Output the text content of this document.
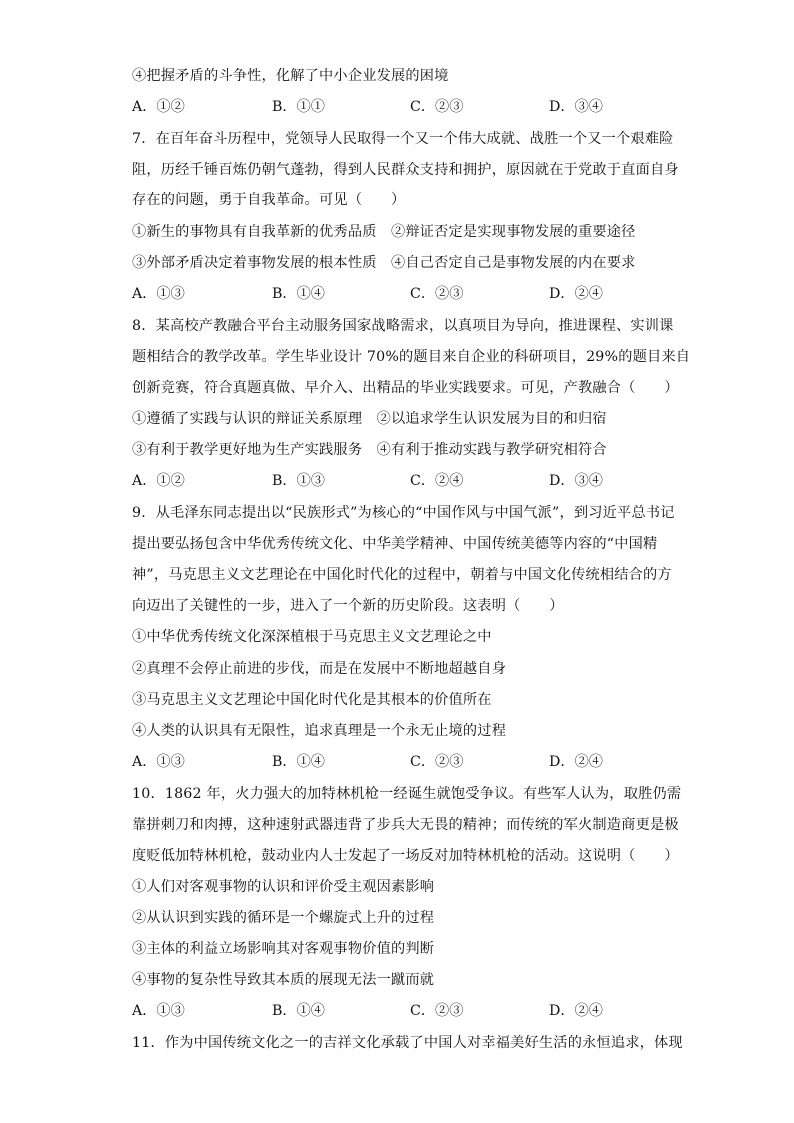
④把握矛盾的斗争性，化解了中小企业发展的困境
A．①②	B．①①	C．②③	D．③④
7．在百年奋斗历程中，党领导人民取得一个又一个伟大成就、战胜一个又一个艰难险
阻，历经千锤百炼仍朝气蓬勃，得到人民群众支持和拥护，原因就在于党敢于直面自身
存在的问题，勇于自我革命。可见（　　）
①新生的事物具有自我革新的优秀品质　②辩证否定是实现事物发展的重要途径
③外部矛盾决定着事物发展的根本性质　④自己否定自己是事物发展的内在要求
A．①③	B．①④	C．②③	D．②④
8．某高校产教融合平台主动服务国家战略需求，以真项目为导向，推进课程、实训课
题相结合的教学改革。学生毕业设计 70%的题目来自企业的科研项目，29%的题目来自
创新竞赛，符合真题真做、早介入、出精品的毕业实践要求。可见，产教融合（　　）
①遵循了实践与认识的辩证关系原理　②以追求学生认识发展为目的和归宿
③有利于教学更好地为生产实践服务　④有利于推动实践与教学研究相符合
A．①②	B．①③	C．②④	D．③④
9．从毛泽东同志提出以“民族形式”为核心的“中国作风与中国气派”，到习近平总书记
提出要弘扬包含中华优秀传统文化、中华美学精神、中国传统美德等内容的“中国精
神”，马克思主义文艺理论在中国化时代化的过程中，朝着与中国文化传统相结合的方
向迈出了关键性的一步，进入了一个新的历史阶段。这表明（　　）
①中华优秀传统文化深深植根于马克思主义文艺理论之中
②真理不会停止前进的步伐，而是在发展中不断地超越自身
③马克思主义文艺理论中国化时代化是其根本的价值所在
④人类的认识具有无限性，追求真理是一个永无止境的过程
A．①③	B．①④	C．②③	D．②④
10．1862 年，火力强大的加特林机枪一经诞生就饱受争议。有些军人认为，取胜仍需
靠拼刺刀和肉搏，这种速射武器违背了步兵大无畏的精神；而传统的军火制造商更是极
度贬低加特林机枪，鼓动业内人士发起了一场反对加特林机枪的活动。这说明（　　）
①人们对客观事物的认识和评价受主观因素影响
②从认识到实践的循环是一个螺旋式上升的过程
③主体的利益立场影响其对客观事物价值的判断
④事物的复杂性导致其本质的展现无法一蹴而就
A．①③	B．①④	C．②③	D．②④
11．作为中国传统文化之一的吉祥文化承载了中国人对幸福美好生活的永恒追求，体现
